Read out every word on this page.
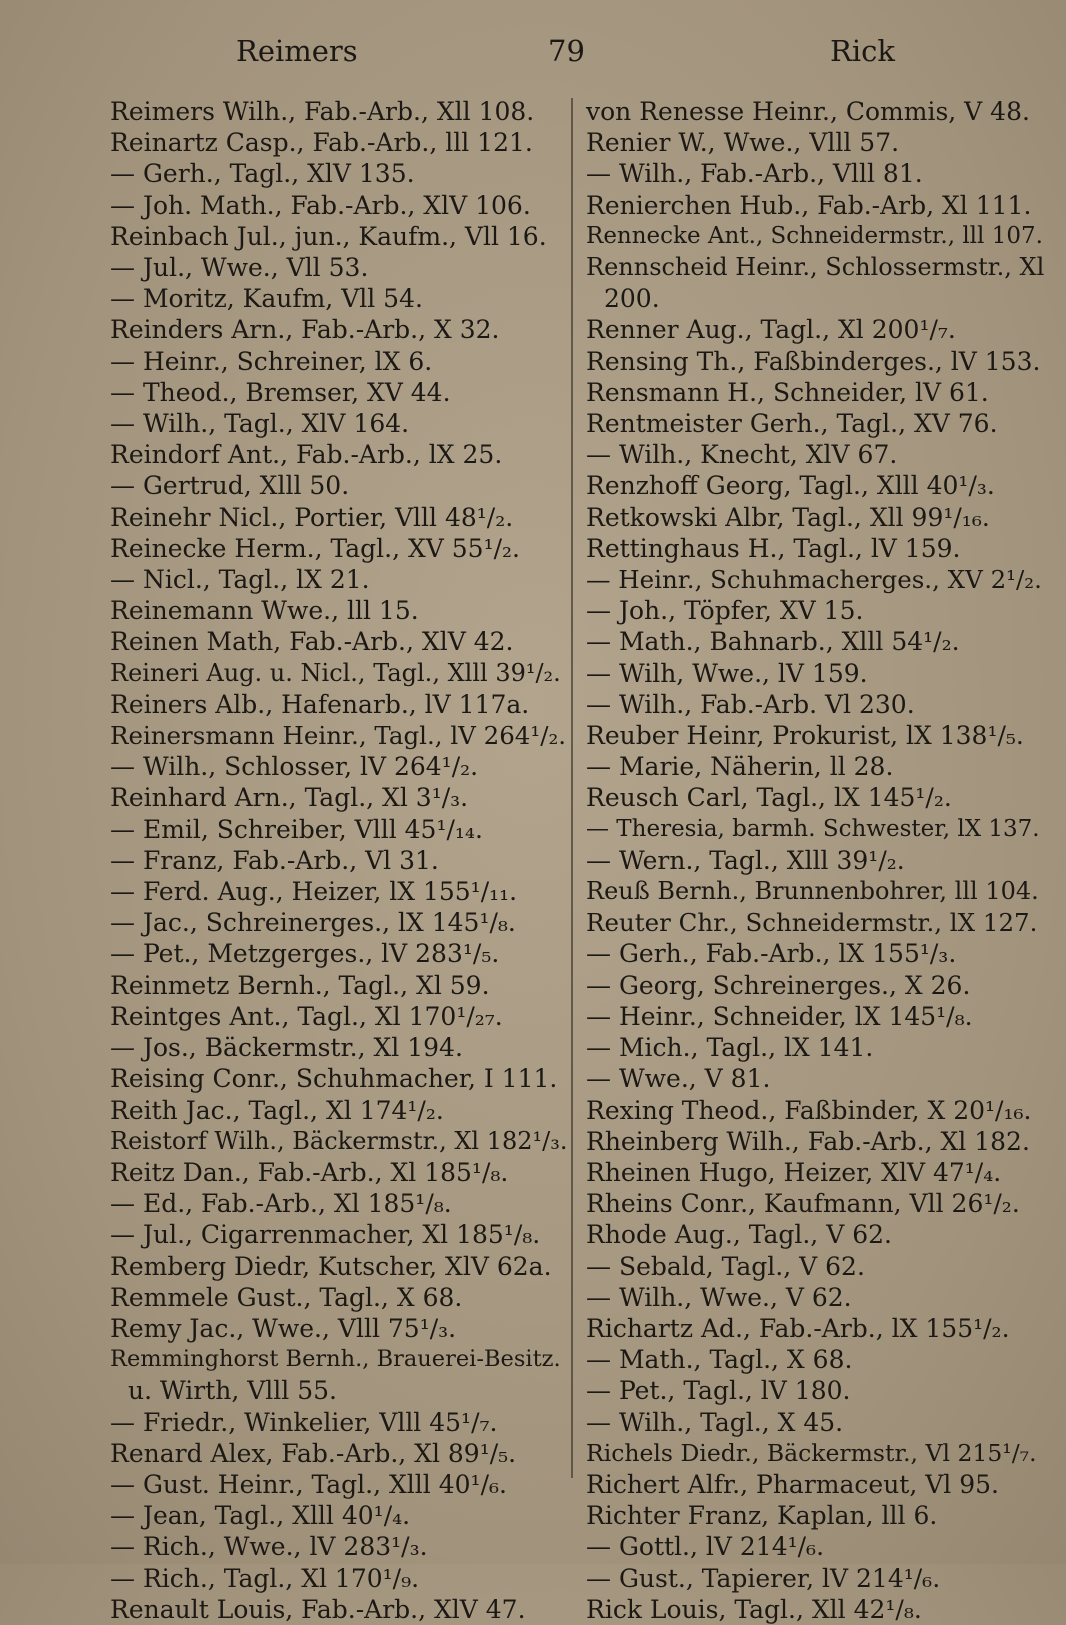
Reimers	79	Rick
Reimers Wilh., Fab.-Arb., Xll 108.
Reinartz Casp., Fab.-Arb., lll 121.
— Gerh., Tagl., XlV 135.
— Joh. Math., Fab.-Arb., XlV 106.
Reinbach Jul., jun., Kaufm., Vll 16.
— Jul., Wwe., Vll 53.
— Moritz, Kaufm, Vll 54.
Reinders Arn., Fab.-Arb., X 32.
— Heinr., Schreiner, lX 6.
— Theod., Bremser, XV 44.
— Wilh., Tagl., XlV 164.
Reindorf Ant., Fab.-Arb., lX 25.
— Gertrud, Xlll 50.
Reinehr Nicl., Portier, Vlll 48¹/₂.
Reinecke Herm., Tagl., XV 55¹/₂.
— Nicl., Tagl., lX 21.
Reinemann Wwe., lll 15.
Reinen Math, Fab.-Arb., XlV 42.
Reineri Aug. u. Nicl., Tagl., Xlll 39¹/₂.
Reiners Alb., Hafenarb., lV 117a.
Reinersmann Heinr., Tagl., lV 264¹/₂.
— Wilh., Schlosser, lV 264¹/₂.
Reinhard Arn., Tagl., Xl 3¹/₃.
— Emil, Schreiber, Vlll 45¹/₁₄.
— Franz, Fab.-Arb., Vl 31.
— Ferd. Aug., Heizer, lX 155¹/₁₁.
— Jac., Schreinerges., lX 145¹/₈.
— Pet., Metzgerges., lV 283¹/₅.
Reinmetz Bernh., Tagl., Xl 59.
Reintges Ant., Tagl., Xl 170¹/₂₇.
— Jos., Bäckermstr., Xl 194.
Reising Conr., Schuhmacher, I 111.
Reith Jac., Tagl., Xl 174¹/₂.
Reistorf Wilh., Bäckermstr., Xl 182¹/₃.
Reitz Dan., Fab.-Arb., Xl 185¹/₈.
— Ed., Fab.-Arb., Xl 185¹/₈.
— Jul., Cigarrenmacher, Xl 185¹/₈.
Remberg Diedr, Kutscher, XlV 62a.
Remmele Gust., Tagl., X 68.
Remy Jac., Wwe., Vlll 75¹/₃.
Remminghorst Bernh., Brauerei-Besitz.
u. Wirth, Vlll 55.
— Friedr., Winkelier, Vlll 45¹/₇.
Renard Alex, Fab.-Arb., Xl 89¹/₅.
— Gust. Heinr., Tagl., Xlll 40¹/₆.
— Jean, Tagl., Xlll 40¹/₄.
— Rich., Wwe., lV 283¹/₃.
— Rich., Tagl., Xl 170¹/₉.
Renault Louis, Fab.-Arb., XlV 47.
von Renesse Heinr., Commis, V 48.
Renier W., Wwe., Vlll 57.
— Wilh., Fab.-Arb., Vlll 81.
Renierchen Hub., Fab.-Arb, Xl 111.
Rennecke Ant., Schneidermstr., lll 107.
Rennscheid Heinr., Schlossermstr., Xl
200.
Renner Aug., Tagl., Xl 200¹/₇.
Rensing Th., Faßbinderges., lV 153.
Rensmann H., Schneider, lV 61.
Rentmeister Gerh., Tagl., XV 76.
— Wilh., Knecht, XlV 67.
Renzhoff Georg, Tagl., Xlll 40¹/₃.
Retkowski Albr, Tagl., Xll 99¹/₁₆.
Rettinghaus H., Tagl., lV 159.
— Heinr., Schuhmacherges., XV 2¹/₂.
— Joh., Töpfer, XV 15.
— Math., Bahnarb., Xlll 54¹/₂.
— Wilh, Wwe., lV 159.
— Wilh., Fab.-Arb. Vl 230.
Reuber Heinr, Prokurist, lX 138¹/₅.
— Marie, Näherin, ll 28.
Reusch Carl, Tagl., lX 145¹/₂.
— Theresia, barmh. Schwester, lX 137.
— Wern., Tagl., Xlll 39¹/₂.
Reuß Bernh., Brunnenbohrer, lll 104.
Reuter Chr., Schneidermstr., lX 127.
— Gerh., Fab.-Arb., lX 155¹/₃.
— Georg, Schreinerges., X 26.
— Heinr., Schneider, lX 145¹/₈.
— Mich., Tagl., lX 141.
— Wwe., V 81.
Rexing Theod., Faßbinder, X 20¹/₁₆.
Rheinberg Wilh., Fab.-Arb., Xl 182.
Rheinen Hugo, Heizer, XlV 47¹/₄.
Rheins Conr., Kaufmann, Vll 26¹/₂.
Rhode Aug., Tagl., V 62.
— Sebald, Tagl., V 62.
— Wilh., Wwe., V 62.
Richartz Ad., Fab.-Arb., lX 155¹/₂.
— Math., Tagl., X 68.
— Pet., Tagl., lV 180.
— Wilh., Tagl., X 45.
Richels Diedr., Bäckermstr., Vl 215¹/₇.
Richert Alfr., Pharmaceut, Vl 95.
Richter Franz, Kaplan, lll 6.
— Gottl., lV 214¹/₆.
— Gust., Tapierer, lV 214¹/₆.
Rick Louis, Tagl., Xll 42¹/₈.
